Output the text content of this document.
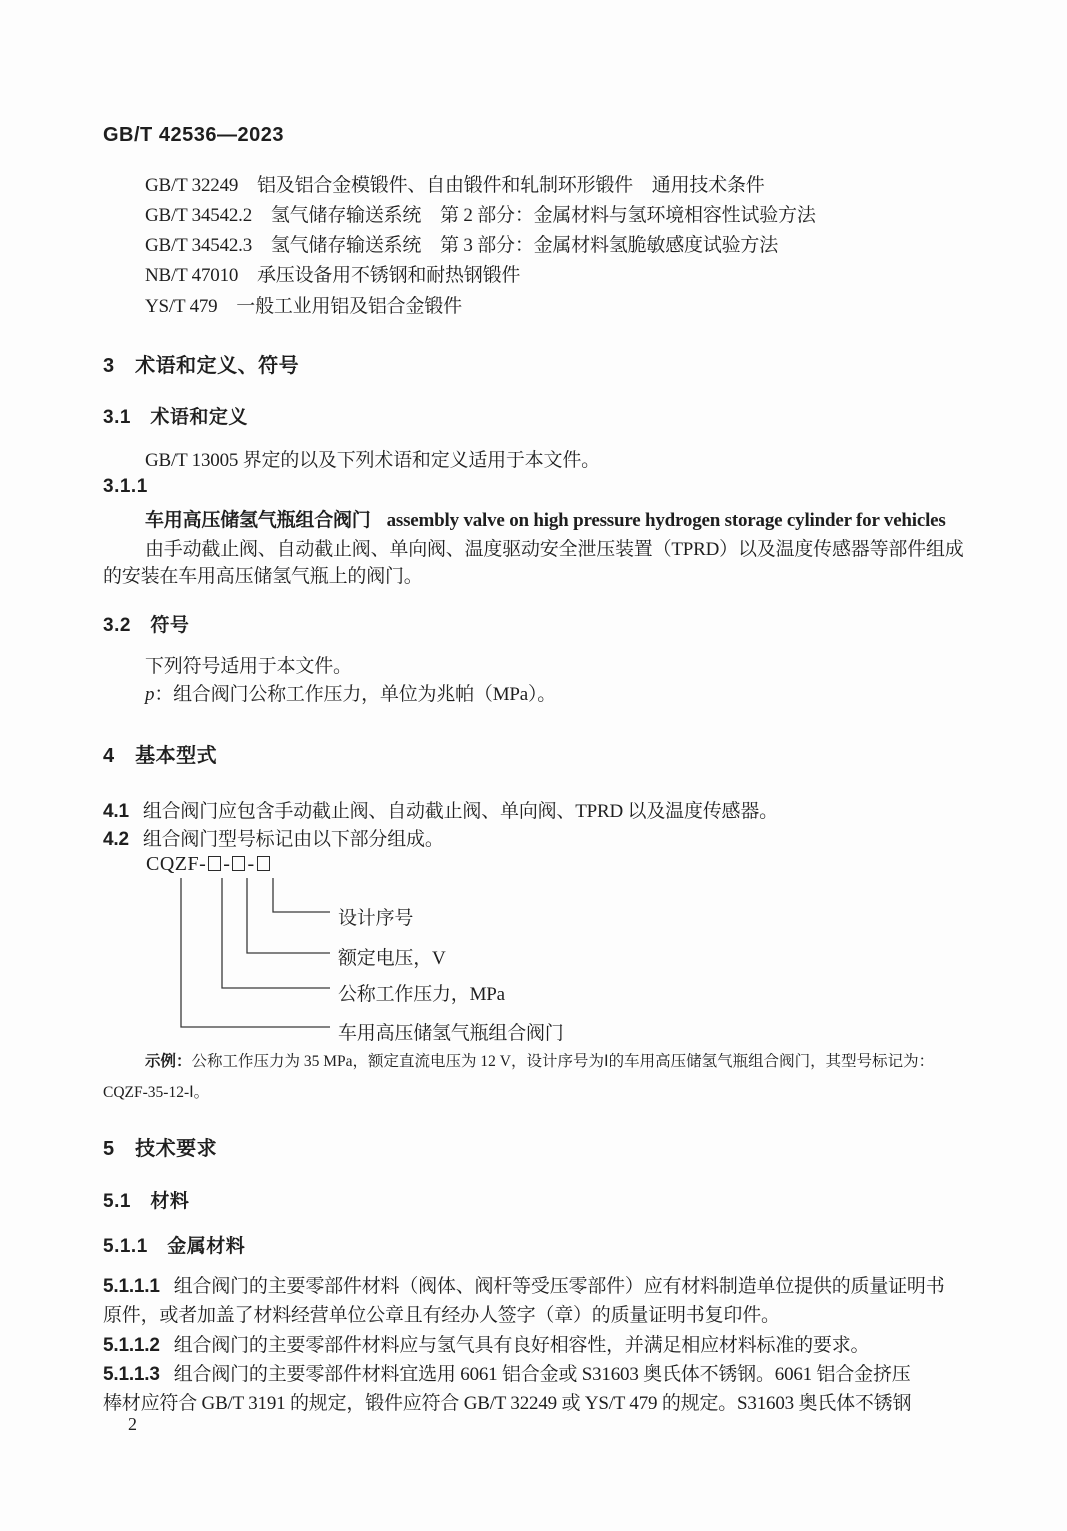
GB/T 42536—2023
GB/T 32249　铝及铝合金模锻件、自由锻件和轧制环形锻件　通用技术条件
GB/T 34542.2　氢气储存输送系统　第 2 部分：金属材料与氢环境相容性试验方法
GB/T 34542.3　氢气储存输送系统　第 3 部分：金属材料氢脆敏感度试验方法
NB/T 47010　承压设备用不锈钢和耐热钢锻件
YS/T 479　一般工业用铝及铝合金锻件
3　术语和定义、符号
3.1　术语和定义
GB/T 13005 界定的以及下列术语和定义适用于本文件。
3.1.1
车用高压储氢气瓶组合阀门 assembly valve on high pressure hydrogen storage cylinder for vehicles
由手动截止阀、自动截止阀、单向阀、温度驱动安全泄压装置（TPRD）以及温度传感器等部件组成
的安装在车用高压储氢气瓶上的阀门。
3.2　符号
下列符号适用于本文件。
p：组合阀门公称工作压力，单位为兆帕（MPa）。
4　基本型式
4.1 组合阀门应包含手动截止阀、自动截止阀、单向阀、TPRD 以及温度传感器。
4.2 组合阀门型号标记由以下部分组成。
CQZF- - -
设计序号
额定电压，V
公称工作压力，MPa
车用高压储氢气瓶组合阀门
示例：公称工作压力为 35 MPa，额定直流电压为 12 V，设计序号为Ⅰ的车用高压储氢气瓶组合阀门，其型号标记为：
CQZF-35-12-Ⅰ。
5　技术要求
5.1　材料
5.1.1　金属材料
5.1.1.1 组合阀门的主要零部件材料（阀体、阀杆等受压零部件）应有材料制造单位提供的质量证明书
原件，或者加盖了材料经营单位公章且有经办人签字（章）的质量证明书复印件。
5.1.1.2 组合阀门的主要零部件材料应与氢气具有良好相容性，并满足相应材料标准的要求。
5.1.1.3 组合阀门的主要零部件材料宜选用 6061 铝合金或 S31603 奥氏体不锈钢。6061 铝合金挤压
棒材应符合 GB/T 3191 的规定，锻件应符合 GB/T 32249 或 YS/T 479 的规定。S31603 奥氏体不锈钢
2
